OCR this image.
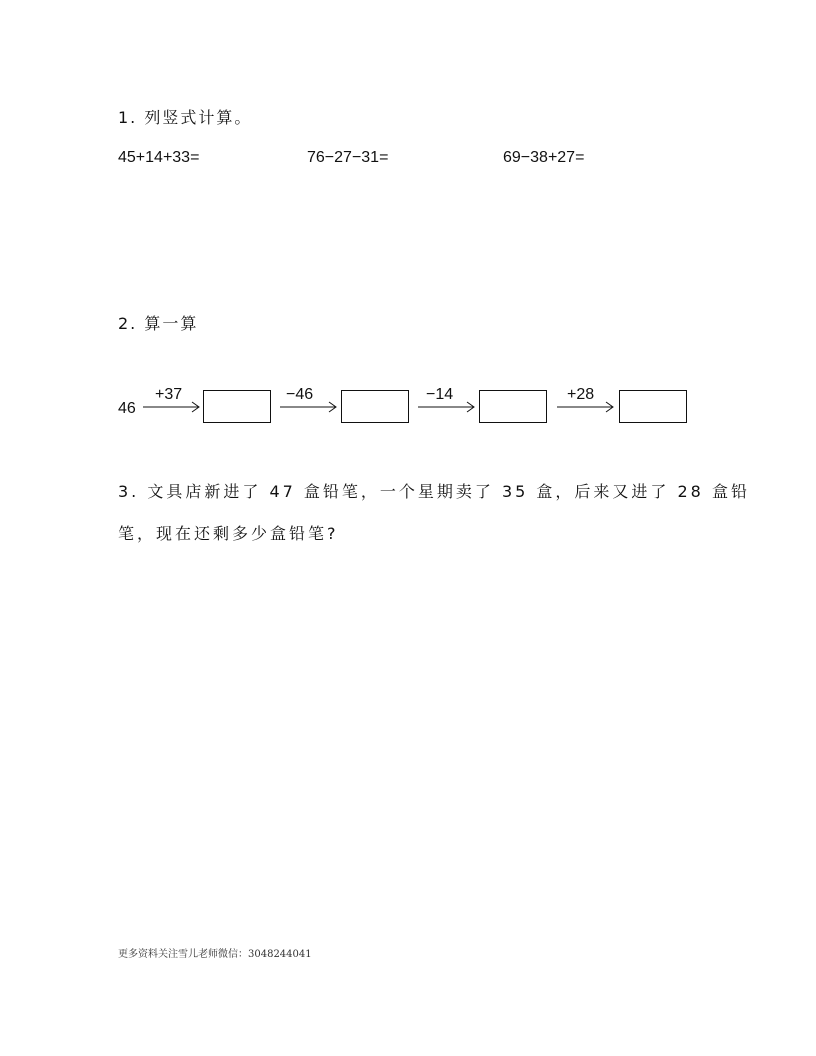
1. 列竖式计算。
45+14+33=	76−27−31=	69−38+27=
2. 算一算
46
+37	−46	−14	+28
3. 文具店新进了 47 盒铅笔，一个星期卖了 35 盒，后来又进了 28 盒铅
笔，现在还剩多少盒铅笔?
更多资料关注雪儿老师微信：3048244041
